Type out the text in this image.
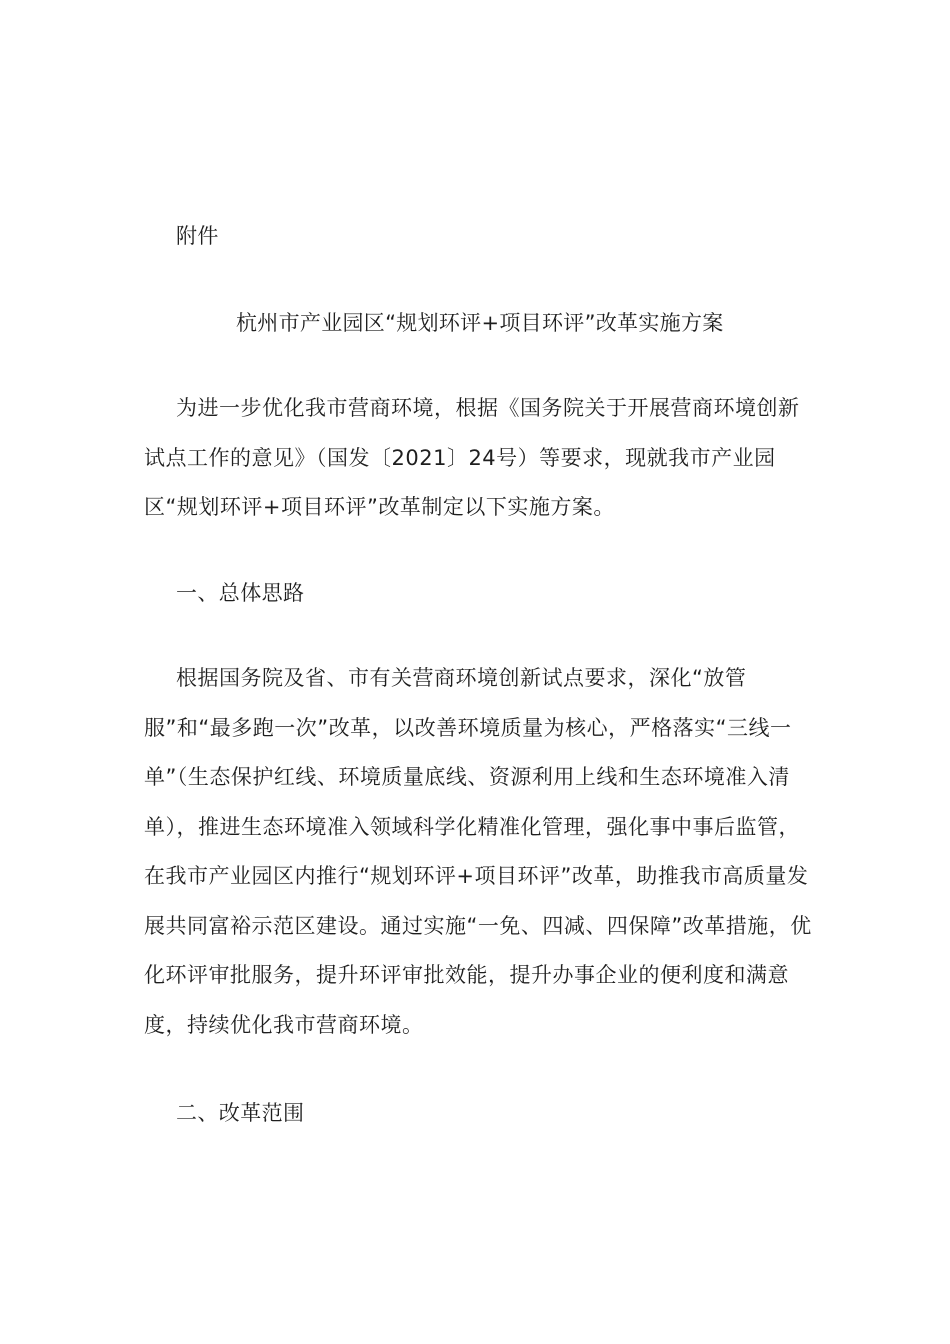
附件

杭州市产业园区“规划环评+项目环评”改革实施方案

为进一步优化我市营商环境，根据《国务院关于开展营商环境创新试点工作的意见》（国发〔2021〕24号）等要求，现就我市产业园区“规划环评+项目环评”改革制定以下实施方案。

一、总体思路

根据国务院及省、市有关营商环境创新试点要求，深化“放管服”和“最多跑一次”改革，以改善环境质量为核心，严格落实“三线一单”（生态保护红线、环境质量底线、资源利用上线和生态环境准入清单），推进生态环境准入领域科学化精准化管理，强化事中事后监管，在我市产业园区内推行“规划环评+项目环评”改革，助推我市高质量发展共同富裕示范区建设。通过实施“一免、四减、四保障”改革措施，优化环评审批服务，提升环评审批效能，提升办事企业的便利度和满意度，持续优化我市营商环境。

二、改革范围
